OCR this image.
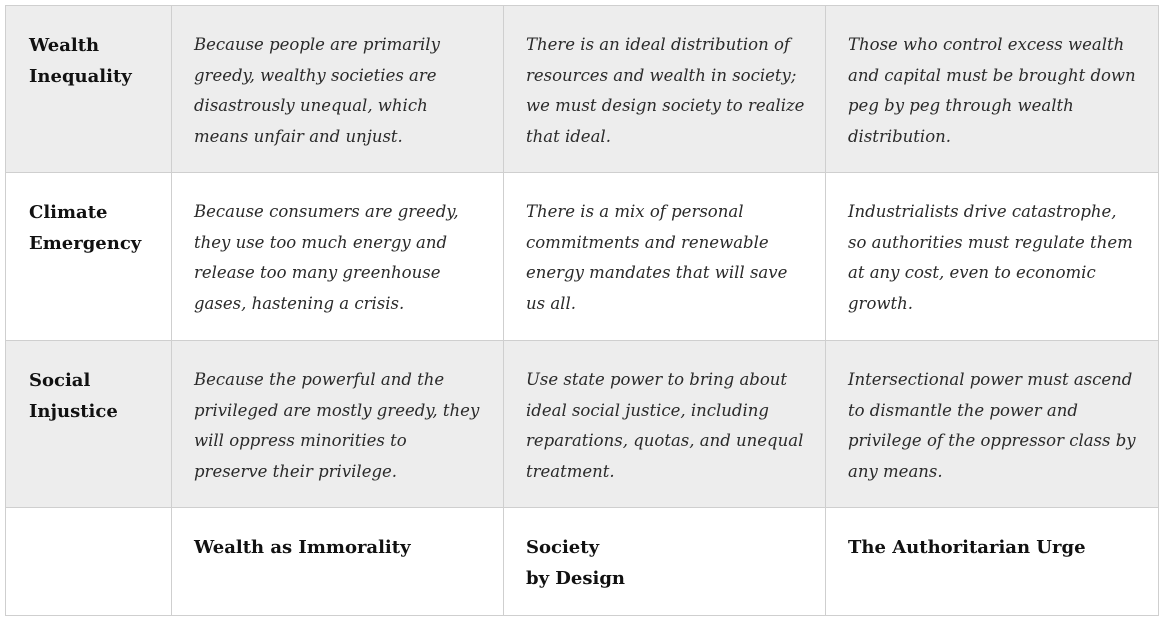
Wealth
Inequality
Because people are primarily greedy, wealthy societies are disastrously unequal, which means unfair and unjust.
There is an ideal distribution of resources and wealth in society; we must design society to realize that ideal.
Those who control excess wealth and capital must be brought down peg by peg through wealth distribution.
Climate
Emergency
Because consumers are greedy, they use too much energy and release too many greenhouse gases, hastening a crisis.
There is a mix of personal commitments and renewable energy mandates that will save us all.
Industrialists drive catastrophe, so authorities must regulate them at any cost, even to economic growth.
Social
Injustice
Because the powerful and the privileged are mostly greedy, they will oppress minorities to preserve their privilege.
Use state power to bring about ideal social justice, including reparations, quotas, and unequal treatment.
Intersectional power must ascend to dismantle the power and privilege of the oppressor class by any means.
Wealth as Immorality	Society
by Design
The Authoritarian Urge
